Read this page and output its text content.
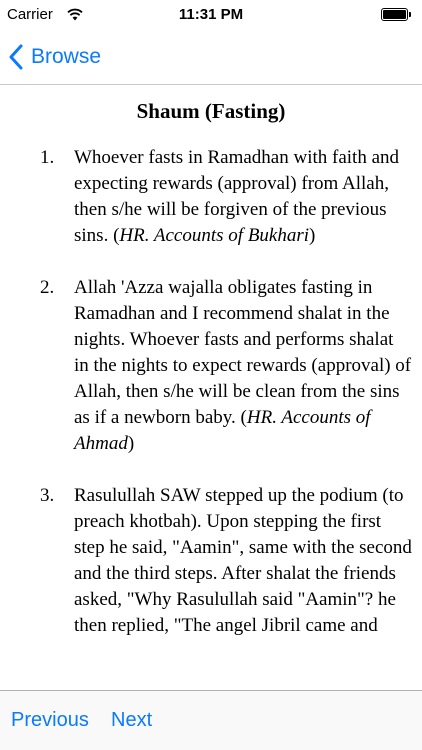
Carrier	11:31 PM
Browse
Shaum (Fasting)
1. Whoever fasts in Ramadhan with faith and expecting rewards (approval) from Allah, then s/he will be forgiven of the previous sins. (HR. Accounts of Bukhari)
2. Allah 'Azza wajalla obligates fasting in Ramadhan and I recommend shalat in the nights. Whoever fasts and performs shalat in the nights to expect rewards (approval) of Allah, then s/he will be clean from the sins as if a newborn baby. (HR. Accounts of Ahmad)
3. Rasulullah SAW stepped up the podium (to preach khotbah). Upon stepping the first step he said, "Aamin", same with the second and the third steps. After shalat the friends asked, "Why Rasulullah said "Aamin"? he then replied, "The angel Jibril came and
Previous Next
